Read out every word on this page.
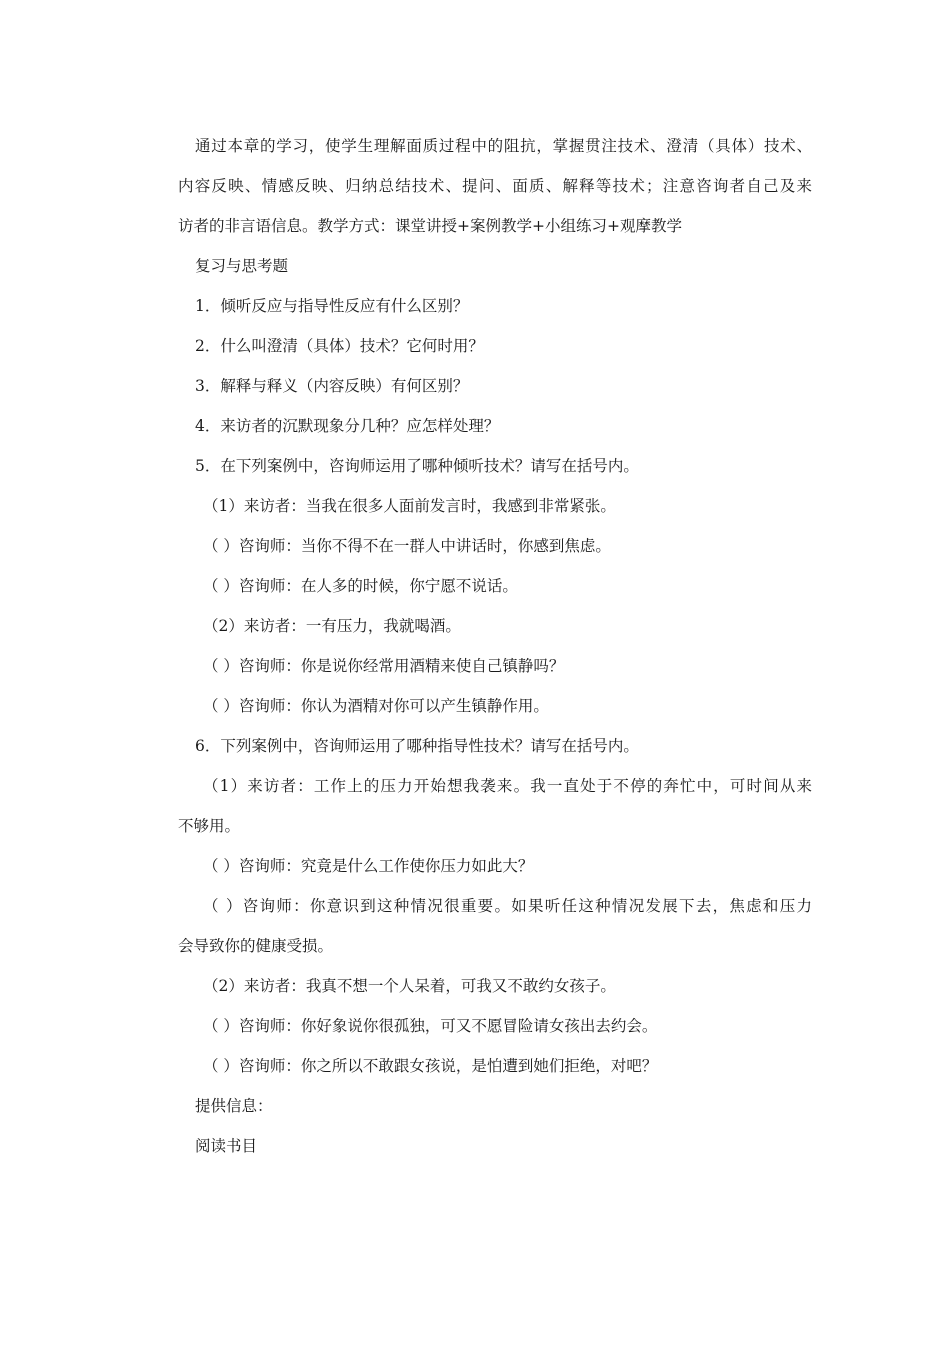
通过本章的学习，使学生理解面质过程中的阻抗，掌握贯注技术、澄清（具体）技术、
内容反映、情感反映、归纳总结技术、提问、面质、解释等技术；注意咨询者自己及来
访者的非言语信息。教学方式：课堂讲授+案例教学+小组练习+观摩教学
复习与思考题
1．倾听反应与指导性反应有什么区别？
2．什么叫澄清（具体）技术？它何时用？
3．解释与释义（内容反映）有何区别？
4．来访者的沉默现象分几种？应怎样处理？
5．在下列案例中，咨询师运用了哪种倾听技术？请写在括号内。
（1）来访者：当我在很多人面前发言时，我感到非常紧张。
（ ）咨询师：当你不得不在一群人中讲话时，你感到焦虑。
（ ）咨询师：在人多的时候，你宁愿不说话。
（2）来访者：一有压力，我就喝酒。
（ ）咨询师：你是说你经常用酒精来使自己镇静吗？
（ ）咨询师：你认为酒精对你可以产生镇静作用。
6．下列案例中，咨询师运用了哪种指导性技术？请写在括号内。
（1）来访者：工作上的压力开始想我袭来。我一直处于不停的奔忙中，可时间从来
不够用。
（ ）咨询师：究竟是什么工作使你压力如此大？
（ ）咨询师：你意识到这种情况很重要。如果听任这种情况发展下去，焦虑和压力
会导致你的健康受损。
（2）来访者：我真不想一个人呆着，可我又不敢约女孩子。
（ ）咨询师：你好象说你很孤独，可又不愿冒险请女孩出去约会。
（ ）咨询师：你之所以不敢跟女孩说，是怕遭到她们拒绝，对吧？
提供信息：
阅读书目
